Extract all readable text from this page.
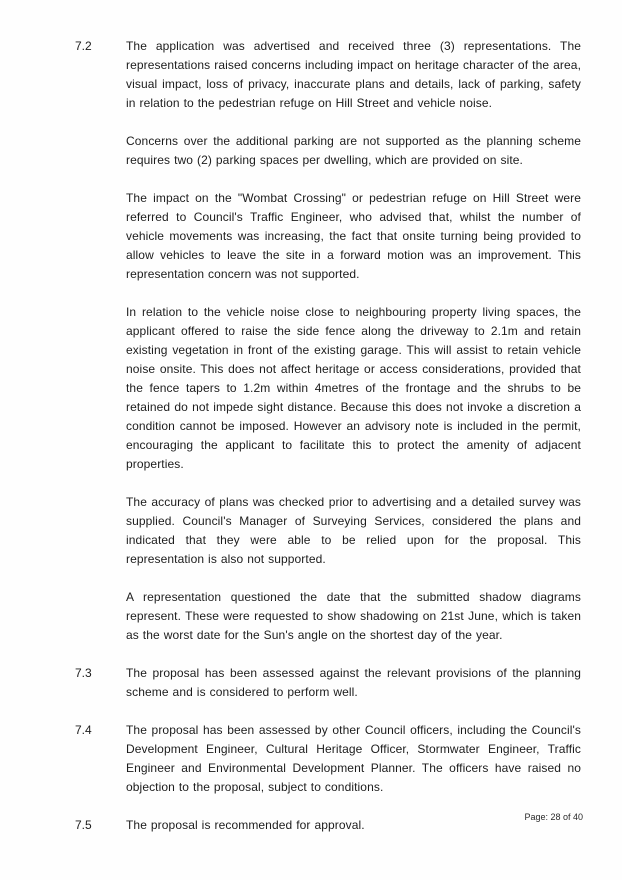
7.2	The application was advertised and received three (3) representations. The representations raised concerns including impact on heritage character of the area, visual impact, loss of privacy, inaccurate plans and details, lack of parking, safety in relation to the pedestrian refuge on Hill Street and vehicle noise.

Concerns over the additional parking are not supported as the planning scheme requires two (2) parking spaces per dwelling, which are provided on site.

The impact on the "Wombat Crossing" or pedestrian refuge on Hill Street were referred to Council's Traffic Engineer, who advised that, whilst the number of vehicle movements was increasing, the fact that onsite turning being provided to allow vehicles to leave the site in a forward motion was an improvement. This representation concern was not supported.

In relation to the vehicle noise close to neighbouring property living spaces, the applicant offered to raise the side fence along the driveway to 2.1m and retain existing vegetation in front of the existing garage. This will assist to retain vehicle noise onsite. This does not affect heritage or access considerations, provided that the fence tapers to 1.2m within 4metres of the frontage and the shrubs to be retained do not impede sight distance. Because this does not invoke a discretion a condition cannot be imposed. However an advisory note is included in the permit, encouraging the applicant to facilitate this to protect the amenity of adjacent properties.

The accuracy of plans was checked prior to advertising and a detailed survey was supplied. Council's Manager of Surveying Services, considered the plans and indicated that they were able to be relied upon for the proposal. This representation is also not supported.

A representation questioned the date that the submitted shadow diagrams represent. These were requested to show shadowing on 21st June, which is taken as the worst date for the Sun's angle on the shortest day of the year.

7.3	The proposal has been assessed against the relevant provisions of the planning scheme and is considered to perform well.

7.4	The proposal has been assessed by other Council officers, including the Council's Development Engineer, Cultural Heritage Officer, Stormwater Engineer, Traffic Engineer and Environmental Development Planner. The officers have raised no objection to the proposal, subject to conditions.

7.5	The proposal is recommended for approval.

Page: 28 of 40
